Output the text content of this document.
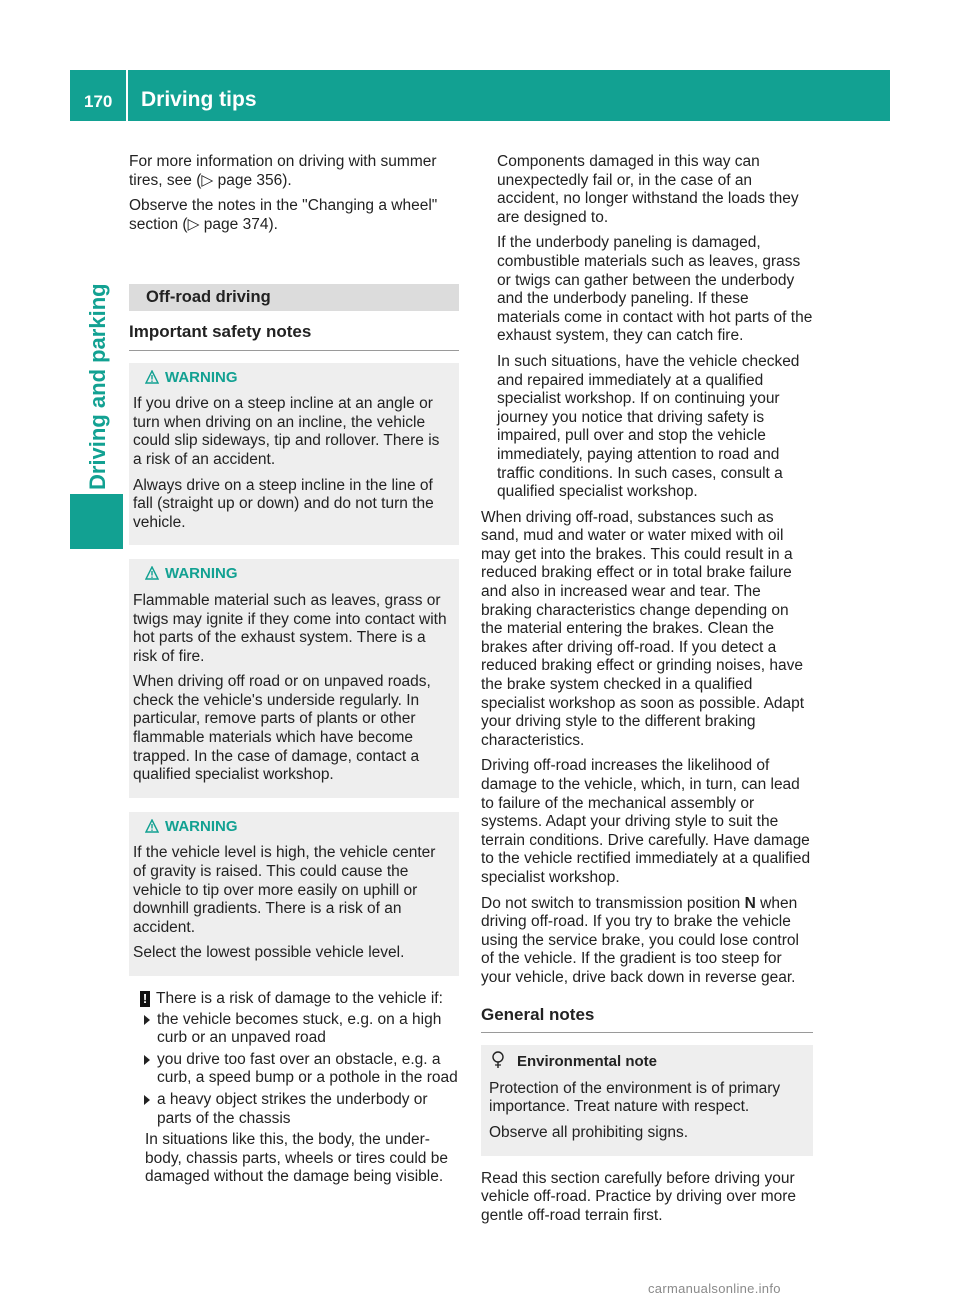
170 Driving tips
Driving and parking

For more information on driving with summer tires, see (▷ page 356).

Observe the notes in the "Changing a wheel" section (▷ page 374).

Off-road driving
Important safety notes
WARNING

If you drive on a steep incline at an angle or turn when driving on an incline, the vehicle could slip sideways, tip and rollover. There is a risk of an accident.

Always drive on a steep incline in the line of fall (straight up or down) and do not turn the vehicle.

WARNING

Flammable material such as leaves, grass or twigs may ignite if they come into contact with hot parts of the exhaust system. There is a risk of fire.

When driving off road or on unpaved roads, check the vehicle's underside regularly. In particular, remove parts of plants or other flammable materials which have become trapped. In the case of damage, contact a qualified specialist workshop.

WARNING

If the vehicle level is high, the vehicle center of gravity is raised. This could cause the vehicle to tip over more easily on uphill or downhill gradients. There is a risk of an accident.

Select the lowest possible vehicle level.

! There is a risk of damage to the vehicle if:
the vehicle becomes stuck, e.g. on a high curb or an unpaved road
you drive too fast over an obstacle, e.g. a curb, a speed bump or a pothole in the road
a heavy object strikes the underbody or parts of the chassis

In situations like this, the body, the under-body, chassis parts, wheels or tires could be damaged without the damage being visible.

Components damaged in this way can unexpectedly fail or, in the case of an accident, no longer withstand the loads they are designed to.

If the underbody paneling is damaged, combustible materials such as leaves, grass or twigs can gather between the underbody and the underbody paneling. If these materials come in contact with hot parts of the exhaust system, they can catch fire.

In such situations, have the vehicle checked and repaired immediately at a qualified specialist workshop. If on continuing your journey you notice that driving safety is impaired, pull over and stop the vehicle immediately, paying attention to road and traffic conditions. In such cases, consult a qualified specialist workshop.

When driving off-road, substances such as sand, mud and water or water mixed with oil may get into the brakes. This could result in a reduced braking effect or in total brake failure and also in increased wear and tear. The braking characteristics change depending on the material entering the brakes. Clean the brakes after driving off-road. If you detect a reduced braking effect or grinding noises, have the brake system checked in a qualified specialist workshop as soon as possible. Adapt your driving style to the different braking characteristics.

Driving off-road increases the likelihood of damage to the vehicle, which, in turn, can lead to failure of the mechanical assembly or systems. Adapt your driving style to suit the terrain conditions. Drive carefully. Have damage to the vehicle rectified immediately at a qualified specialist workshop.

Do not switch to transmission position N when driving off-road. If you try to brake the vehicle using the service brake, you could lose control of the vehicle. If the gradient is too steep for your vehicle, drive back down in reverse gear.

General notes
Environmental note

Protection of the environment is of primary importance. Treat nature with respect.

Observe all prohibiting signs.

Read this section carefully before driving your vehicle off-road. Practice by driving over more gentle off-road terrain first.

carmanualsonline.info
